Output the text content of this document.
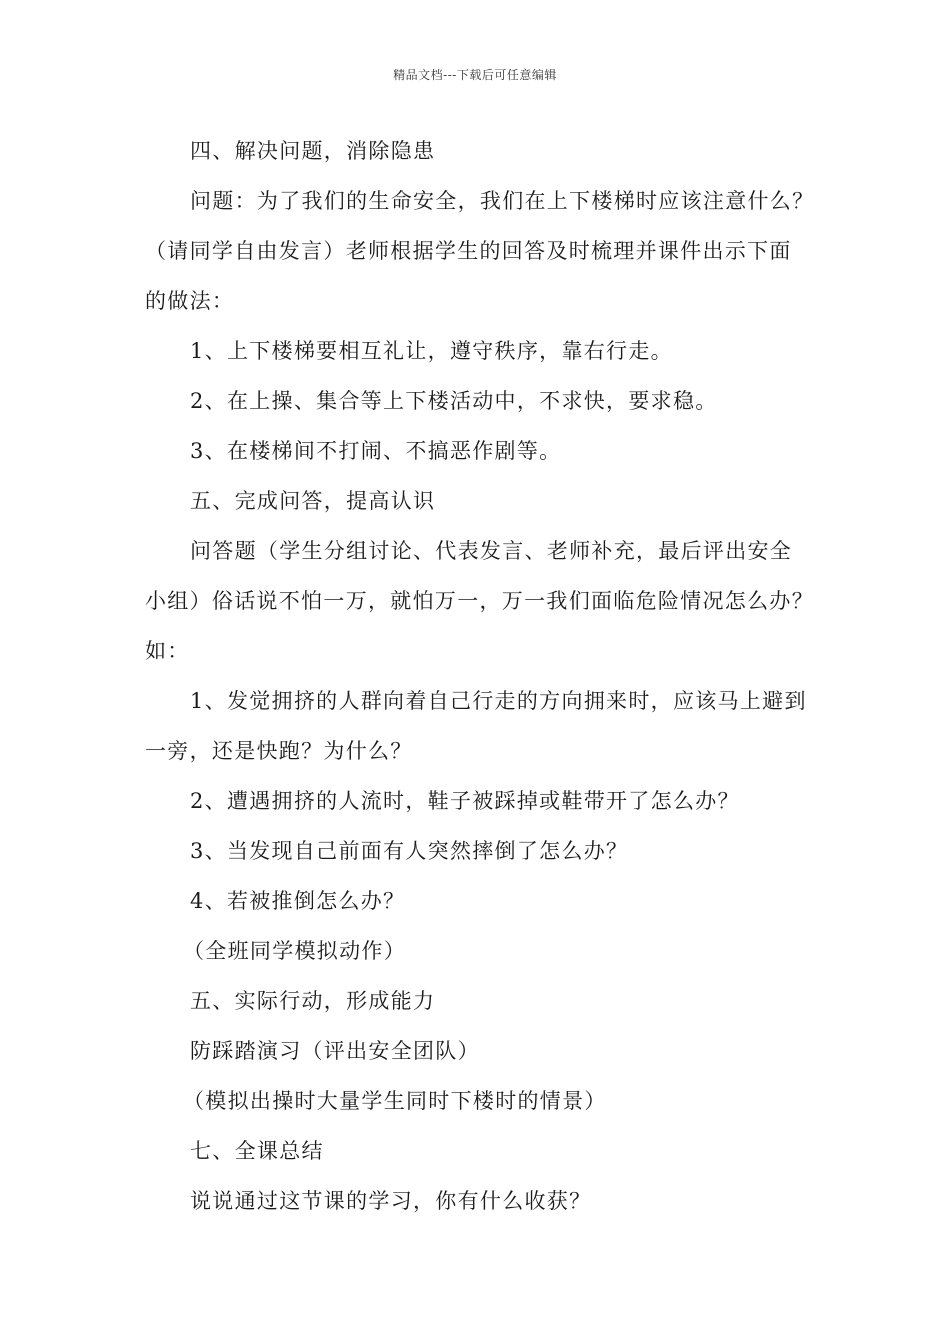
精品文档---下载后可任意编辑
四、解决问题，消除隐患
问题：为了我们的生命安全，我们在上下楼梯时应该注意什么？
（请同学自由发言）老师根据学生的回答及时梳理并课件出示下面
的做法：
1、上下楼梯要相互礼让，遵守秩序，靠右行走。
2、在上操、集合等上下楼活动中，不求快，要求稳。
3、在楼梯间不打闹、不搞恶作剧等。
五、完成问答，提高认识
问答题（学生分组讨论、代表发言、老师补充，最后评出安全
小组）俗话说不怕一万，就怕万一，万一我们面临危险情况怎么办？
如：
1、发觉拥挤的人群向着自己行走的方向拥来时，应该马上避到
一旁，还是快跑？为什么？
2、遭遇拥挤的人流时，鞋子被踩掉或鞋带开了怎么办？
3、当发现自己前面有人突然摔倒了怎么办？
4、若被推倒怎么办？
（全班同学模拟动作）
五、实际行动，形成能力
防踩踏演习（评出安全团队）
（模拟出操时大量学生同时下楼时的情景）
七、全课总结
说说通过这节课的学习，你有什么收获？
